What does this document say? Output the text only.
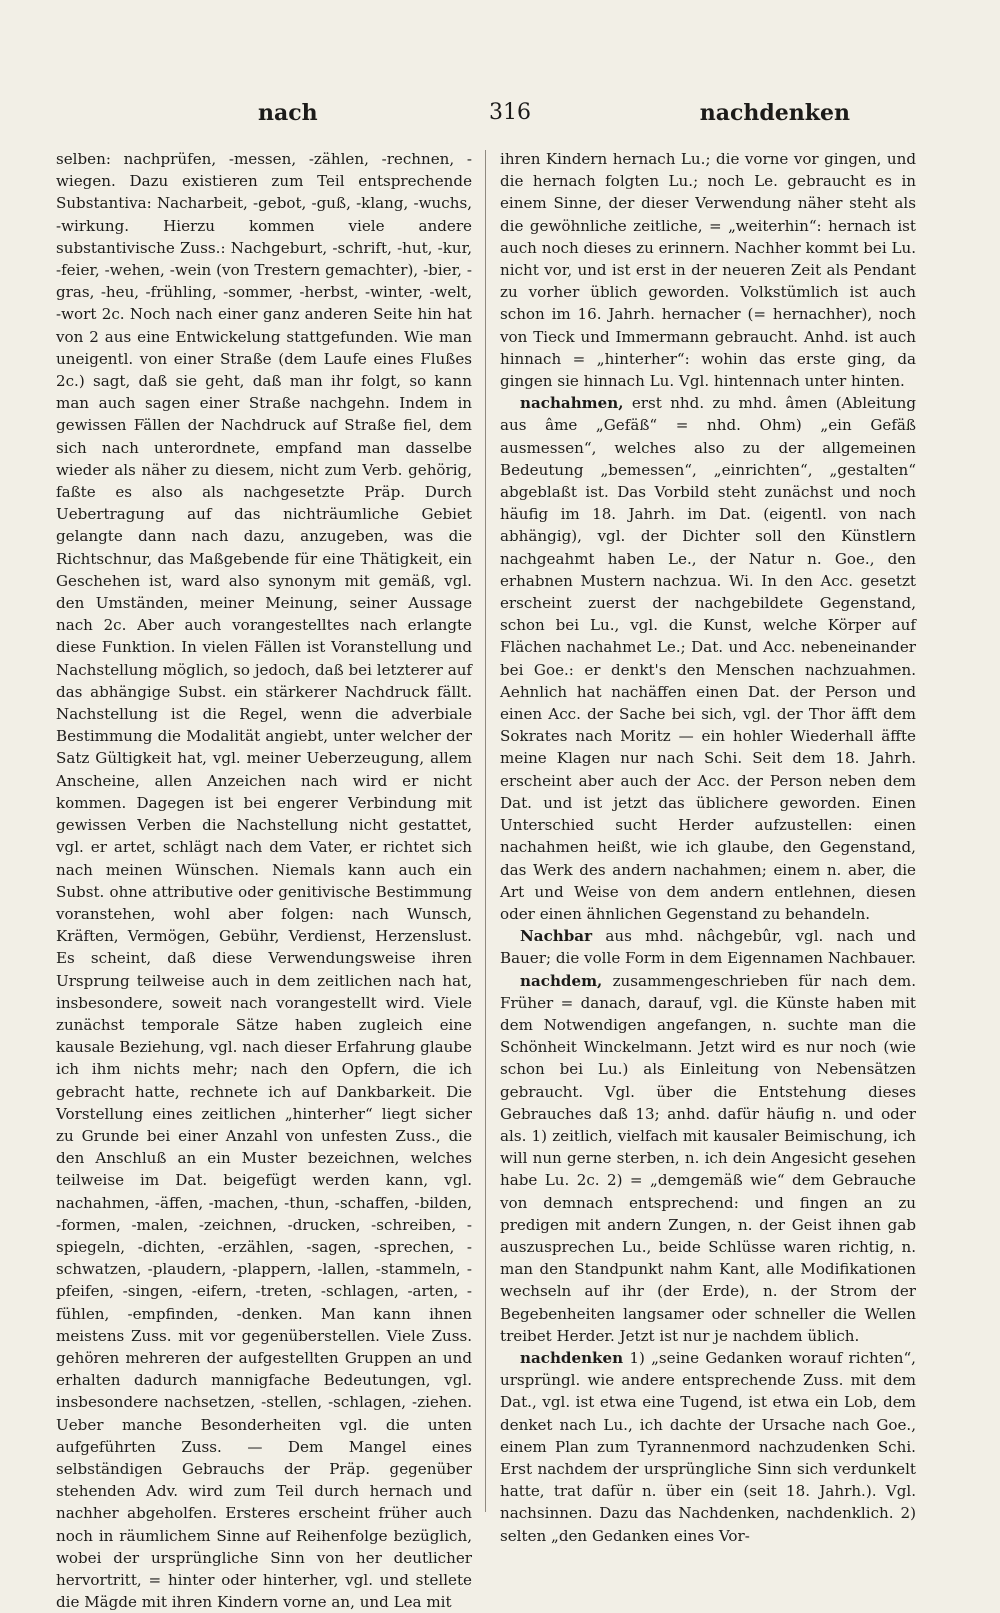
nach	316	nachdenken

selben: nachprüfen, -messen, -zählen, -rechnen, -wiegen. Dazu existieren zum Teil entsprechende Substantiva: Nacharbeit, -gebot, -guß, -klang, -wuchs, -wirkung. Hierzu kommen viele andere substantivische Zuss.: Nachgeburt, -schrift, -hut, -kur, -feier, -wehen, -wein (von Trestern gemachter), -bier, -gras, -heu, -frühling, -sommer, -herbst, -winter, -welt, -wort 2c. Noch nach einer ganz anderen Seite hin hat von 2 aus eine Entwickelung stattgefunden. Wie man uneigentl. von einer Straße (dem Laufe eines Flußes 2c.) sagt, daß sie geht, daß man ihr folgt, so kann man auch sagen einer Straße nachgehn. Indem in gewissen Fällen der Nachdruck auf Straße fiel, dem sich nach unterordnete, empfand man dasselbe wieder als näher zu diesem, nicht zum Verb. gehörig, faßte es also als nachgesetzte Präp. Durch Uebertragung auf das nichträumliche Gebiet gelangte dann nach dazu, anzugeben, was die Richtschnur, das Maßgebende für eine Thätigkeit, ein Geschehen ist, ward also synonym mit gemäß, vgl. den Umständen, meiner Meinung, seiner Aussage nach 2c. Aber auch vorangestelltes nach erlangte diese Funktion. In vielen Fällen ist Voranstellung und Nachstellung möglich, so jedoch, daß bei letzterer auf das abhängige Subst. ein stärkerer Nachdruck fällt. Nachstellung ist die Regel, wenn die adverbiale Bestimmung die Modalität angiebt, unter welcher der Satz Gültigkeit hat, vgl. meiner Ueberzeugung, allem Anscheine, allen Anzeichen nach wird er nicht kommen. Dagegen ist bei engerer Verbindung mit gewissen Verben die Nachstellung nicht gestattet, vgl. er artet, schlägt nach dem Vater, er richtet sich nach meinen Wünschen. Niemals kann auch ein Subst. ohne attributive oder genitivische Bestimmung voranstehen, wohl aber folgen: nach Wunsch, Kräften, Vermögen, Gebühr, Verdienst, Herzenslust. Es scheint, daß diese Verwendungsweise ihren Ursprung teilweise auch in dem zeitlichen nach hat, insbesondere, soweit nach vorangestellt wird. Viele zunächst temporale Sätze haben zugleich eine kausale Beziehung, vgl. nach dieser Erfahrung glaube ich ihm nichts mehr; nach den Opfern, die ich gebracht hatte, rechnete ich auf Dankbarkeit. Die Vorstellung eines zeitlichen „hinterher“ liegt sicher zu Grunde bei einer Anzahl von unfesten Zuss., die den Anschluß an ein Muster bezeichnen, welches teilweise im Dat. beigefügt werden kann, vgl. nachahmen, -äffen, -machen, -thun, -schaffen, -bilden, -formen, -malen, -zeichnen, -drucken, -schreiben, -spiegeln, -dichten, -erzählen, -sagen, -sprechen, -schwatzen, -plaudern, -plappern, -lallen, -stammeln, -pfeifen, -singen, -eifern, -treten, -schlagen, -arten, -fühlen, -empfinden, -denken. Man kann ihnen meistens Zuss. mit vor gegenüberstellen. Viele Zuss. gehören mehreren der aufgestellten Gruppen an und erhalten dadurch mannigfache Bedeutungen, vgl. insbesondere nachsetzen, -stellen, -schlagen, -ziehen. Ueber manche Besonderheiten vgl. die unten aufgeführten Zuss. — Dem Mangel eines selbständigen Gebrauchs der Präp. gegenüber stehenden Adv. wird zum Teil durch hernach und nachher abgeholfen. Ersteres erscheint früher auch noch in räumlichem Sinne auf Reihenfolge bezüglich, wobei der ursprüngliche Sinn von her deutlicher hervortritt, = hinter oder hinterher, vgl. und stellete die Mägde mit ihren Kindern vorne an, und Lea mit

ihren Kindern hernach Lu.; die vorne vor gingen, und die hernach folgten Lu.; noch Le. gebraucht es in einem Sinne, der dieser Verwendung näher steht als die gewöhnliche zeitliche, = „weiterhin“: hernach ist auch noch dieses zu erinnern. Nachher kommt bei Lu. nicht vor, und ist erst in der neueren Zeit als Pendant zu vorher üblich geworden. Volkstümlich ist auch schon im 16. Jahrh. hernacher (= hernachher), noch von Tieck und Immermann gebraucht. Anhd. ist auch hinnach = „hinterher“: wohin das erste ging, da gingen sie hinnach Lu. Vgl. hintennach unter hinten.

nachahmen, erst nhd. zu mhd. âmen (Ableitung aus âme „Gefäß“ = nhd. Ohm) „ein Gefäß ausmessen“, welches also zu der allgemeinen Bedeutung „bemessen“, „einrichten“, „gestalten“ abgeblaßt ist. Das Vorbild steht zunächst und noch häufig im 18. Jahrh. im Dat. (eigentl. von nach abhängig), vgl. der Dichter soll den Künstlern nachgeahmt haben Le., der Natur n. Goe., den erhabnen Mustern nachzua. Wi. In den Acc. gesetzt erscheint zuerst der nachgebildete Gegenstand, schon bei Lu., vgl. die Kunst, welche Körper auf Flächen nachahmet Le.; Dat. und Acc. nebeneinander bei Goe.: er denkt's den Menschen nachzuahmen. Aehnlich hat nachäffen einen Dat. der Person und einen Acc. der Sache bei sich, vgl. der Thor äfft dem Sokrates nach Moritz — ein hohler Wiederhall äffte meine Klagen nur nach Schi. Seit dem 18. Jahrh. erscheint aber auch der Acc. der Person neben dem Dat. und ist jetzt das üblichere geworden. Einen Unterschied sucht Herder aufzustellen: einen nachahmen heißt, wie ich glaube, den Gegenstand, das Werk des andern nachahmen; einem n. aber, die Art und Weise von dem andern entlehnen, diesen oder einen ähnlichen Gegenstand zu behandeln.

Nachbar aus mhd. nâchgebûr, vgl. nach und Bauer; die volle Form in dem Eigennamen Nachbauer.

nachdem, zusammengeschrieben für nach dem. Früher = danach, darauf, vgl. die Künste haben mit dem Notwendigen angefangen, n. suchte man die Schönheit Winckelmann. Jetzt wird es nur noch (wie schon bei Lu.) als Einleitung von Nebensätzen gebraucht. Vgl. über die Entstehung dieses Gebrauches daß 13; anhd. dafür häufig n. und oder als. 1) zeitlich, vielfach mit kausaler Beimischung, ich will nun gerne sterben, n. ich dein Angesicht gesehen habe Lu. 2c. 2) = „demgemäß wie“ dem Gebrauche von demnach entsprechend: und fingen an zu predigen mit andern Zungen, n. der Geist ihnen gab auszusprechen Lu., beide Schlüsse waren richtig, n. man den Standpunkt nahm Kant, alle Modifikationen wechseln auf ihr (der Erde), n. der Strom der Begebenheiten langsamer oder schneller die Wellen treibet Herder. Jetzt ist nur je nachdem üblich.

nachdenken 1) „seine Gedanken worauf richten“, ursprüngl. wie andere entsprechende Zuss. mit dem Dat., vgl. ist etwa eine Tugend, ist etwa ein Lob, dem denket nach Lu., ich dachte der Ursache nach Goe., einem Plan zum Tyrannenmord nachzudenken Schi. Erst nachdem der ursprüngliche Sinn sich verdunkelt hatte, trat dafür n. über ein (seit 18. Jahrh.). Vgl. nachsinnen. Dazu das Nachdenken, nachdenklich. 2) selten „den Gedanken eines Vor-
